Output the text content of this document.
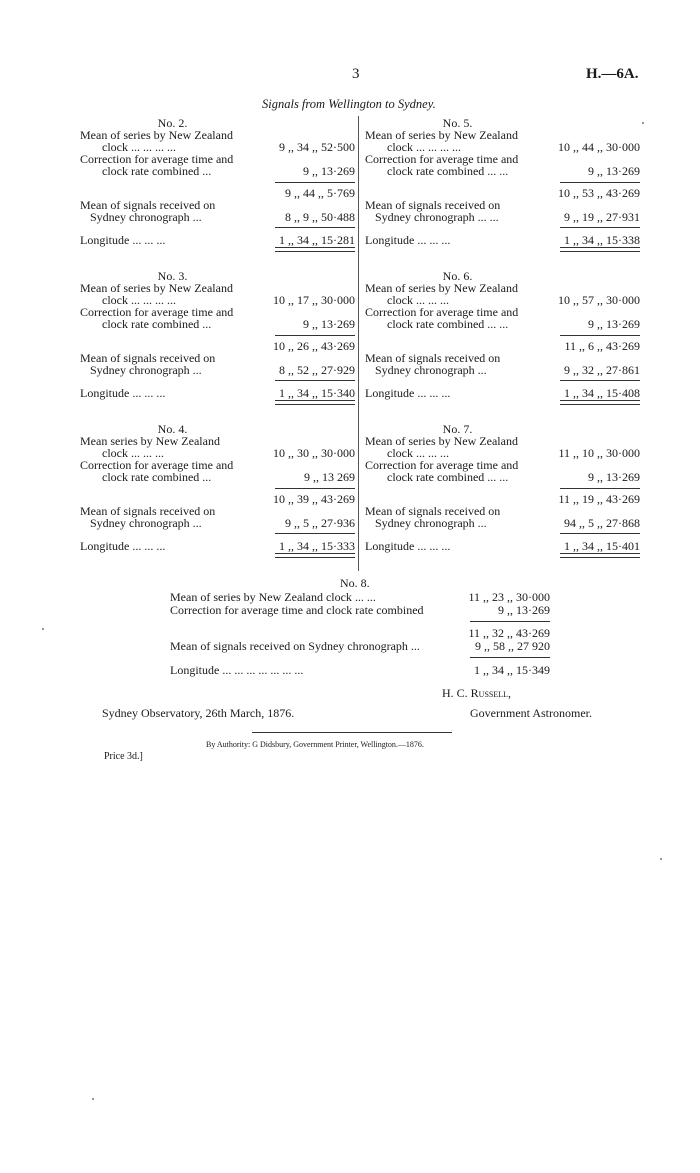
3	H.—6A.
Signals from Wellington to Sydney.
No. 2.
Mean of series by New Zealand
clock ... ... ... ...	9 ,, 34 ,, 52·500
Correction for average time and
clock rate combined ...	9 ,, 13·269
9 ,, 44 ,, 5·769
Mean of signals received on
Sydney chronograph ...	8 ,, 9 ,, 50·488
Longitude ... ... ...	1 ,, 34 ,, 15·281
No. 5.
Mean of series by New Zealand
clock ... ... ... ...	10 ,, 44 ,, 30·000
Correction for average time and
clock rate combined ... ...	9 ,, 13·269
10 ,, 53 ,, 43·269
Mean of signals received on
Sydney chronograph ... ...	9 ,, 19 ,, 27·931
Longitude ... ... ...	1 ,, 34 ,, 15·338
No. 3.
Mean of series by New Zealand
clock ... ... ... ...	10 ,, 17 ,, 30·000
Correction for average time and
clock rate combined ...	9 ,, 13·269
10 ,, 26 ,, 43·269
Mean of signals received on
Sydney chronograph ...	8 ,, 52 ,, 27·929
Longitude ... ... ...	1 ,, 34 ,, 15·340
No. 6.
Mean of series by New Zealand
clock ... ... ...	10 ,, 57 ,, 30·000
Correction for average time and
clock rate combined ... ...	9 ,, 13·269
11 ,, 6 ,, 43·269
Mean of signals received on
Sydney chronograph ...	9 ,, 32 ,, 27·861
Longitude ... ... ...	1 ,, 34 ,, 15·408
No. 4.
Mean series by New Zealand
clock ... ... ...	10 ,, 30 ,, 30·000
Correction for average time and
clock rate combined ...	9 ,, 13 269
10 ,, 39 ,, 43·269
Mean of signals received on
Sydney chronograph ...	9 ,, 5 ,, 27·936
Longitude ... ... ...	1 ,, 34 ,, 15·333
No. 7.
Mean of series by New Zealand
clock ... ... ...	11 ,, 10 ,, 30·000
Correction for average time and
clock rate combined ... ...	9 ,, 13·269
11 ,, 19 ,, 43·269
Mean of signals received on
Sydney chronograph ...	94 ,, 5 ,, 27·868
Longitude ... ... ...	1 ,, 34 ,, 15·401
No. 8.
Mean of series by New Zealand clock ... ...	11 ,, 23 ,, 30·000
Correction for average time and clock rate combined	9 ,, 13·269
11 ,, 32 ,, 43·269
Mean of signals received on Sydney chronograph ...	9 ,, 58 ,, 27 920
Longitude ... ... ... ... ... ... ...	1 ,, 34 ,, 15·349
H. C. Russell,
Government Astronomer.
Sydney Observatory, 26th March, 1876.
By Authority: G Didsbury, Government Printer, Wellington.—1876.
Price 3d.]
